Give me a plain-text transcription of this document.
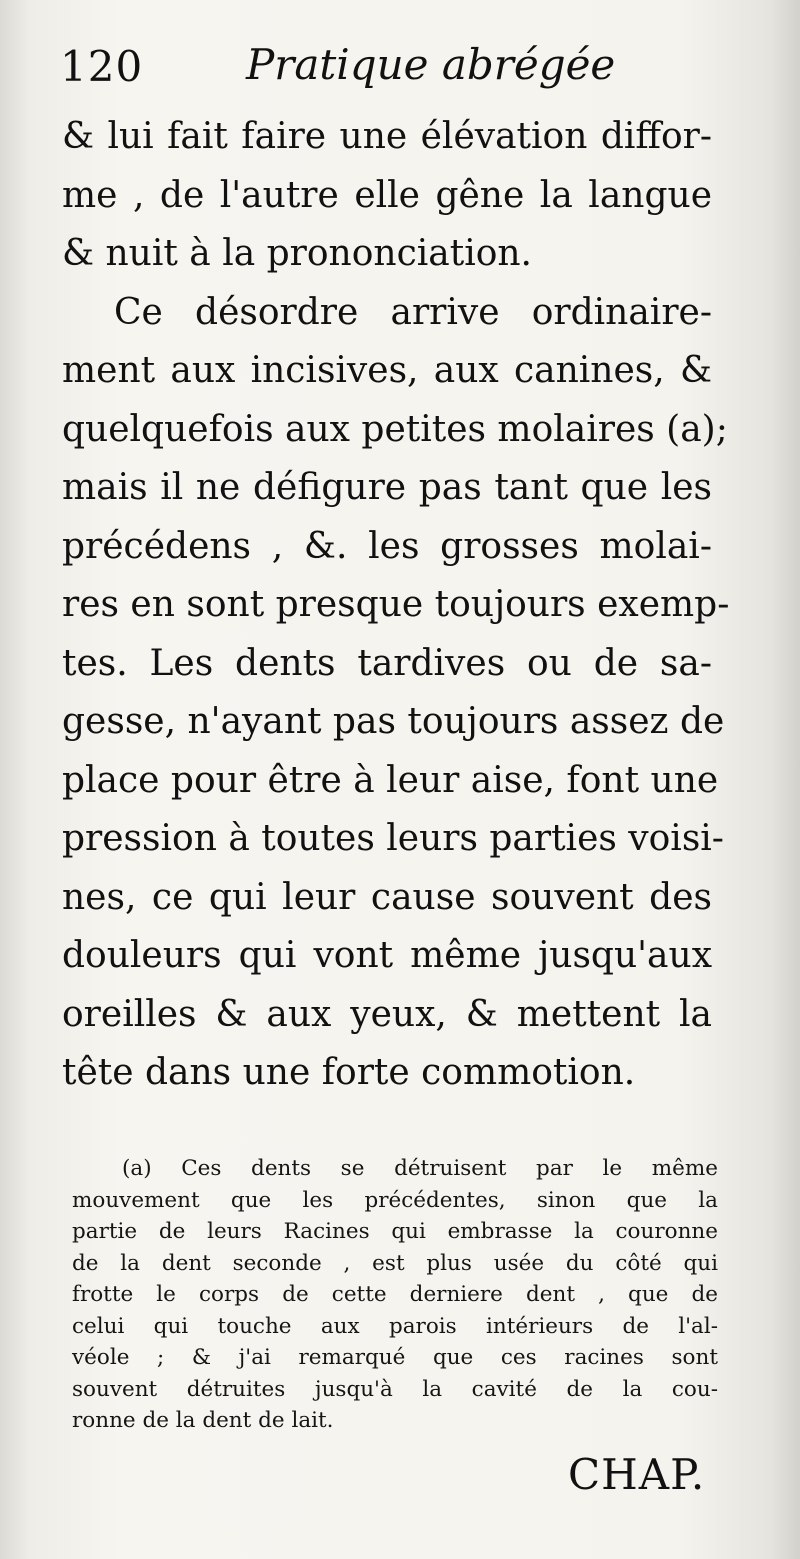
120 Pratique abrégée
& lui fait faire une élévation diffor-
me , de l'autre elle gêne la langue
& nuit à la prononciation.
Ce désordre arrive ordinaire-
ment aux incisives, aux canines, &
quelquefois aux petites molaires (a);
mais il ne défigure pas tant que les
précédens , &. les grosses molai-
res en sont presque toujours exemp-
tes. Les dents tardives ou de sa-
gesse, n'ayant pas toujours assez de
place pour être à leur aise, font une
pression à toutes leurs parties voisi-
nes, ce qui leur cause souvent des
douleurs qui vont même jusqu'aux
oreilles & aux yeux, & mettent la
tête dans une forte commotion.
(a) Ces dents se détruisent par le même
mouvement que les précédentes, sinon que la
partie de leurs Racines qui embrasse la couronne
de la dent seconde , est plus usée du côté qui
frotte le corps de cette derniere dent , que de
celui qui touche aux parois intérieurs de l'al-
véole ; & j'ai remarqué que ces racines sont
souvent détruites jusqu'à la cavité de la cou-
ronne de la dent de lait.
CHAP.
